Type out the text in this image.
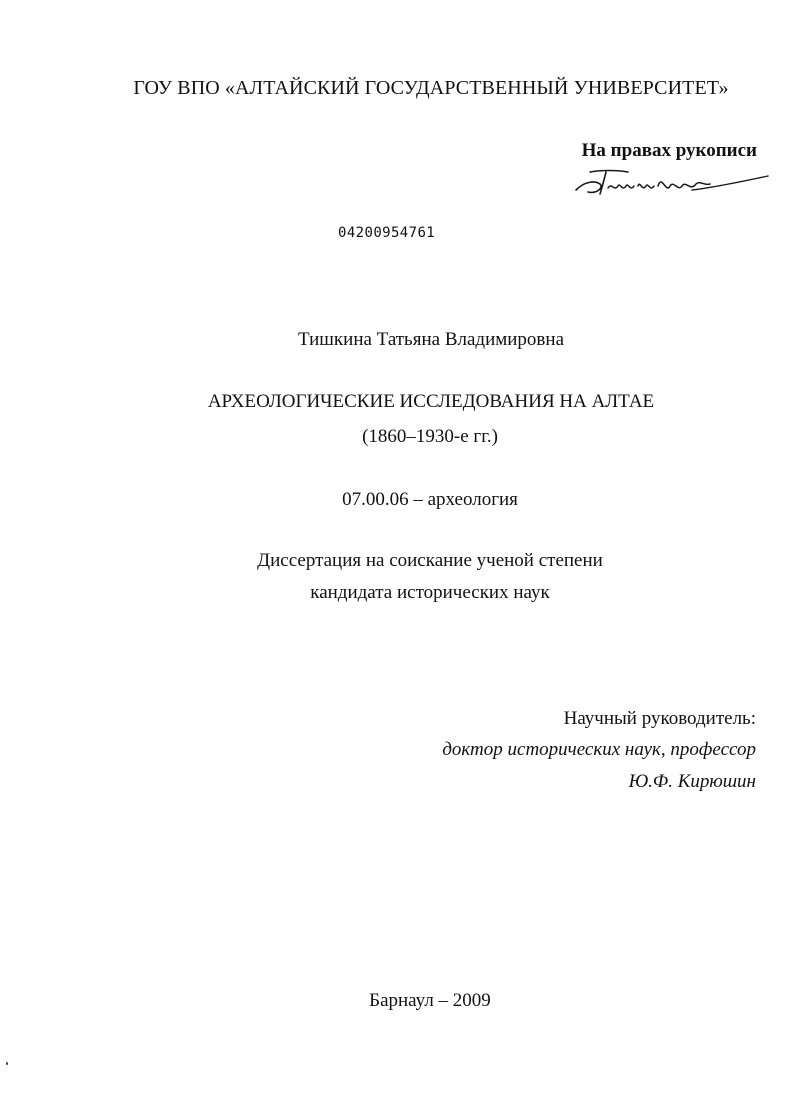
ГОУ ВПО «АЛТАЙСКИЙ ГОСУДАРСТВЕННЫЙ УНИВЕРСИТЕТ»
На правах рукописи
04200954761
Тишкина Татьяна Владимировна
АРХЕОЛОГИЧЕСКИЕ ИССЛЕДОВАНИЯ НА АЛТАЕ
(1860–1930-е гг.)
07.00.06 – археология
Диссертация на соискание ученой степени
кандидата исторических наук
Научный руководитель:
доктор исторических наук, профессор
Ю.Ф. Кирюшин
Барнаул – 2009
